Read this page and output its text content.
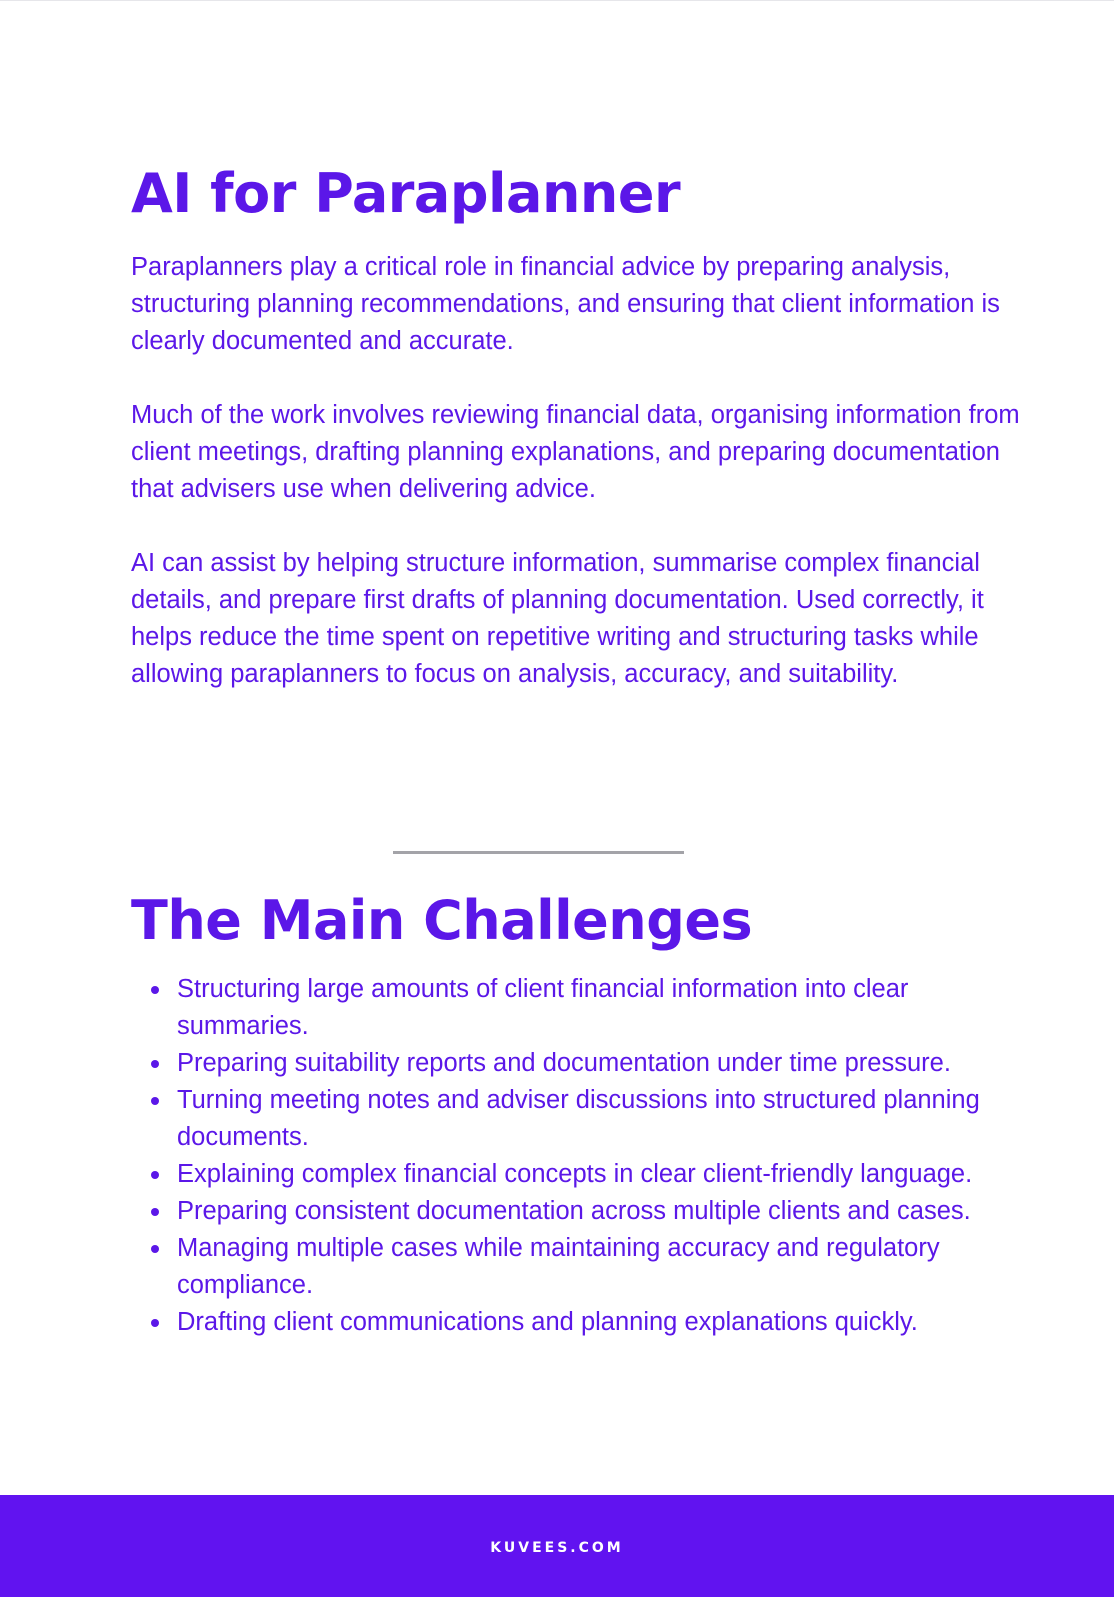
AI for Paraplanner

Paraplanners play a critical role in financial advice by preparing analysis, structuring planning recommendations, and ensuring that client information is clearly documented and accurate.

Much of the work involves reviewing financial data, organising information from client meetings, drafting planning explanations, and preparing documentation that advisers use when delivering advice.

AI can assist by helping structure information, summarise complex financial details, and prepare first drafts of planning documentation. Used correctly, it helps reduce the time spent on repetitive writing and structuring tasks while allowing paraplanners to focus on analysis, accuracy, and suitability.

The Main Challenges
Structuring large amounts of client financial information into clear summaries.
Preparing suitability reports and documentation under time pressure.
Turning meeting notes and adviser discussions into structured planning documents.
Explaining complex financial concepts in clear client-friendly language.
Preparing consistent documentation across multiple clients and cases.
Managing multiple cases while maintaining accuracy and regulatory compliance.
Drafting client communications and planning explanations quickly.
KUVEES.COM
